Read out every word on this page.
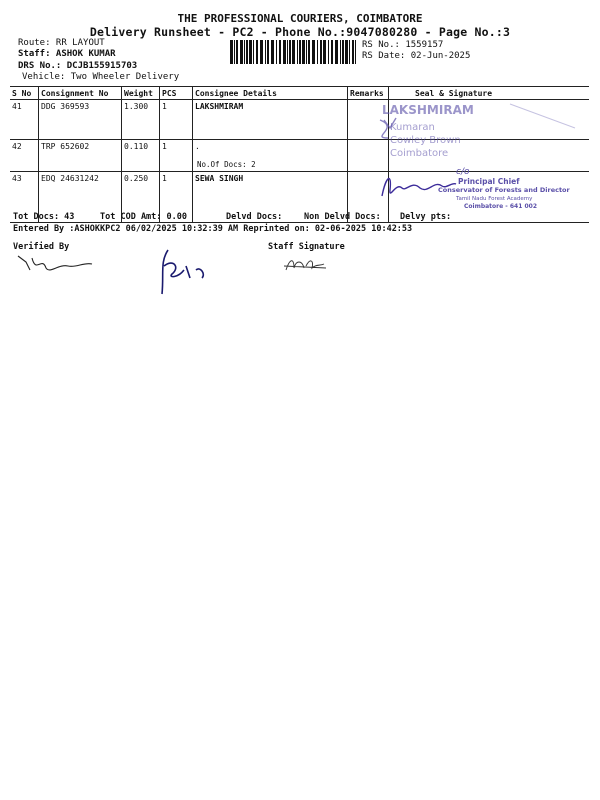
THE PROFESSIONAL COURIERS, COIMBATORE
Delivery Runsheet - PC2 - Phone No.:9047080280 - Page No.:3
Route: RR LAYOUT
Staff: ASHOK KUMAR
DRS No.: DCJB155915703
Vehicle: Two Wheeler Delivery
RS No.: 1559157
RS Date: 02-Jun-2025
S No	Consignment No	Weight	PCS	Consignee Details	Remarks	Seal & Signature
41	DDG 369593	1.300	1	LAKSHMIRAM		
42	TRP 652602	0.110	1	.
No.Of Docs: 2		

43	EDQ 24631242	0.250	1	SEWA SINGH		
LAKSHMIRAM
Kumaran
Cowley Brown
Coimbatore
c/o
Principal Chief
Conservator of Forests and Director
Tamil Nadu Forest Academy
Coimbatore - 641 002
Tot Docs: 43	Tot COD Amt: 0.00	Delvd Docs:	Non Delvd Docs: Delvy pts:
Entered By :ASHOKKPC2 06/02/2025 10:32:39 AM Reprinted on: 02-06-2025 10:42:53
Verified By	Staff Signature
